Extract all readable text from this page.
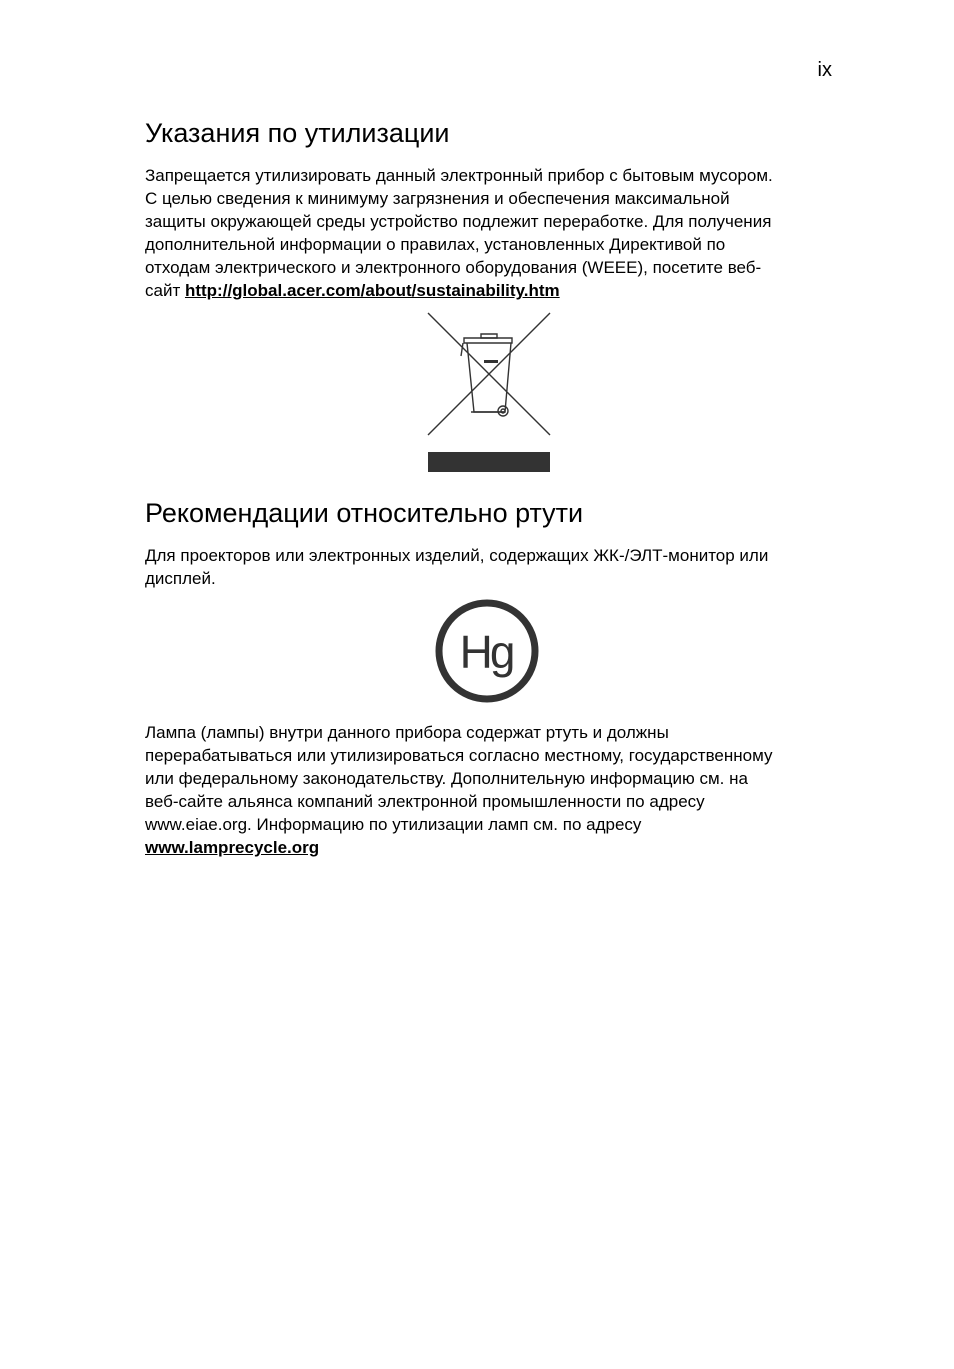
ix
Указания по утилизации

Запрещается утилизировать данный электронный прибор с бытовым мусором.
С целью сведения к минимуму загрязнения и обеспечения максимальной
защиты окружающей среды устройство подлежит переработке. Для получения
дополнительной информации о правилах, установленных Директивой по
отходам электрического и электронного оборудования (WEEE), посетите веб-
сайт http://global.acer.com/about/sustainability.htm

Рекомендации относительно ртути

Для проекторов или электронных изделий, содержащих ЖК-/ЭЛТ-монитор или
дисплей.

Hg

Лампа (лампы) внутри данного прибора содержат ртуть и должны
перерабатываться или утилизироваться согласно местному, государственному
или федеральному законодательству. Дополнительную информацию см. на
веб-сайте альянса компаний электронной промышленности по адресу
www.eiae.org. Информацию по утилизации ламп см. по адресу
www.lamprecycle.org
